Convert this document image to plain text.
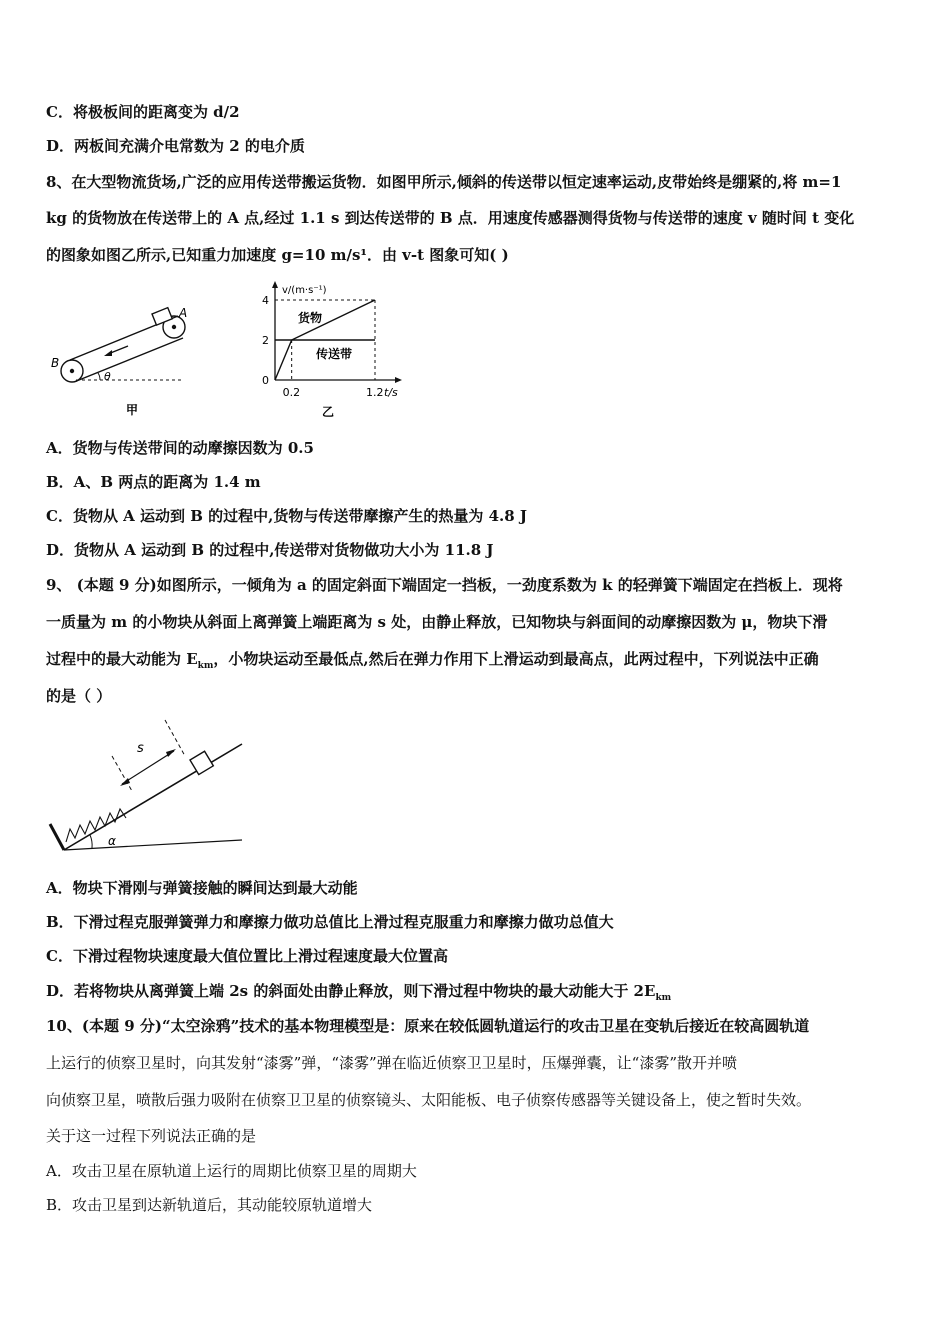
C．将极板间的距离变为 d/2
D．两板间充满介电常数为 2 的电介质
8、在大型物流货场,广泛的应用传送带搬运货物．如图甲所示,倾斜的传送带以恒定速率运动,皮带始终是绷紧的,将 m=1
kg 的货物放在传送带上的 A 点,经过 1.1 s 到达传送带的 B 点．用速度传感器测得货物与传送带的速度 v 随时间 t 变化
的图象如图乙所示,已知重力加速度 g=10 m/s¹．由 v-t 图象可知( )
A
B
θ
甲
v/(m·s⁻¹)
t/s
4
2
0
0.2	1.2
货物
传送带
乙
A．货物与传送带间的动摩擦因数为 0.5
B．A、B 两点的距离为 1.4 m
C．货物从 A 运动到 B 的过程中,货物与传送带摩擦产生的热量为 4.8 J
D．货物从 A 运动到 B 的过程中,传送带对货物做功大小为 11.8 J
9、 (本题 9 分)如图所示，一倾角为 a 的固定斜面下端固定一挡板，一劲度系数为 k 的轻弹簧下端固定在挡板上．现将
一质量为 m 的小物块从斜面上离弹簧上端距离为 s 处，由静止释放，已知物块与斜面间的动摩擦因数为 μ，物块下滑
过程中的最大动能为 $E_{km}$，小物块运动至最低点,然后在弹力作用下上滑运动到最高点，此两过程中，下列说法中正确
的是（ ）
s
α
A．物块下滑刚与弹簧接触的瞬间达到最大动能
B．下滑过程克服弹簧弹力和摩擦力做功总值比上滑过程克服重力和摩擦力做功总值大
C．下滑过程物块速度最大值位置比上滑过程速度最大位置高
D．若将物块从离弹簧上端 2s 的斜面处由静止释放，则下滑过程中物块的最大动能大于 $2E_{km}$
10、(本题 9 分)“太空涂鸦”技术的基本物理模型是：原来在较低圆轨道运行的攻击卫星在变轨后接近在较高圆轨道
上运行的侦察卫星时，向其发射“漆雾”弹，“漆雾”弹在临近侦察卫卫星时，压爆弹囊，让“漆雾”散开并喷
向侦察卫星，喷散后强力吸附在侦察卫卫星的侦察镜头、太阳能板、电子侦察传感器等关键设备上，使之暂时失效。
关于这一过程下列说法正确的是
A．攻击卫星在原轨道上运行的周期比侦察卫星的周期大
B．攻击卫星到达新轨道后，其动能较原轨道增大
